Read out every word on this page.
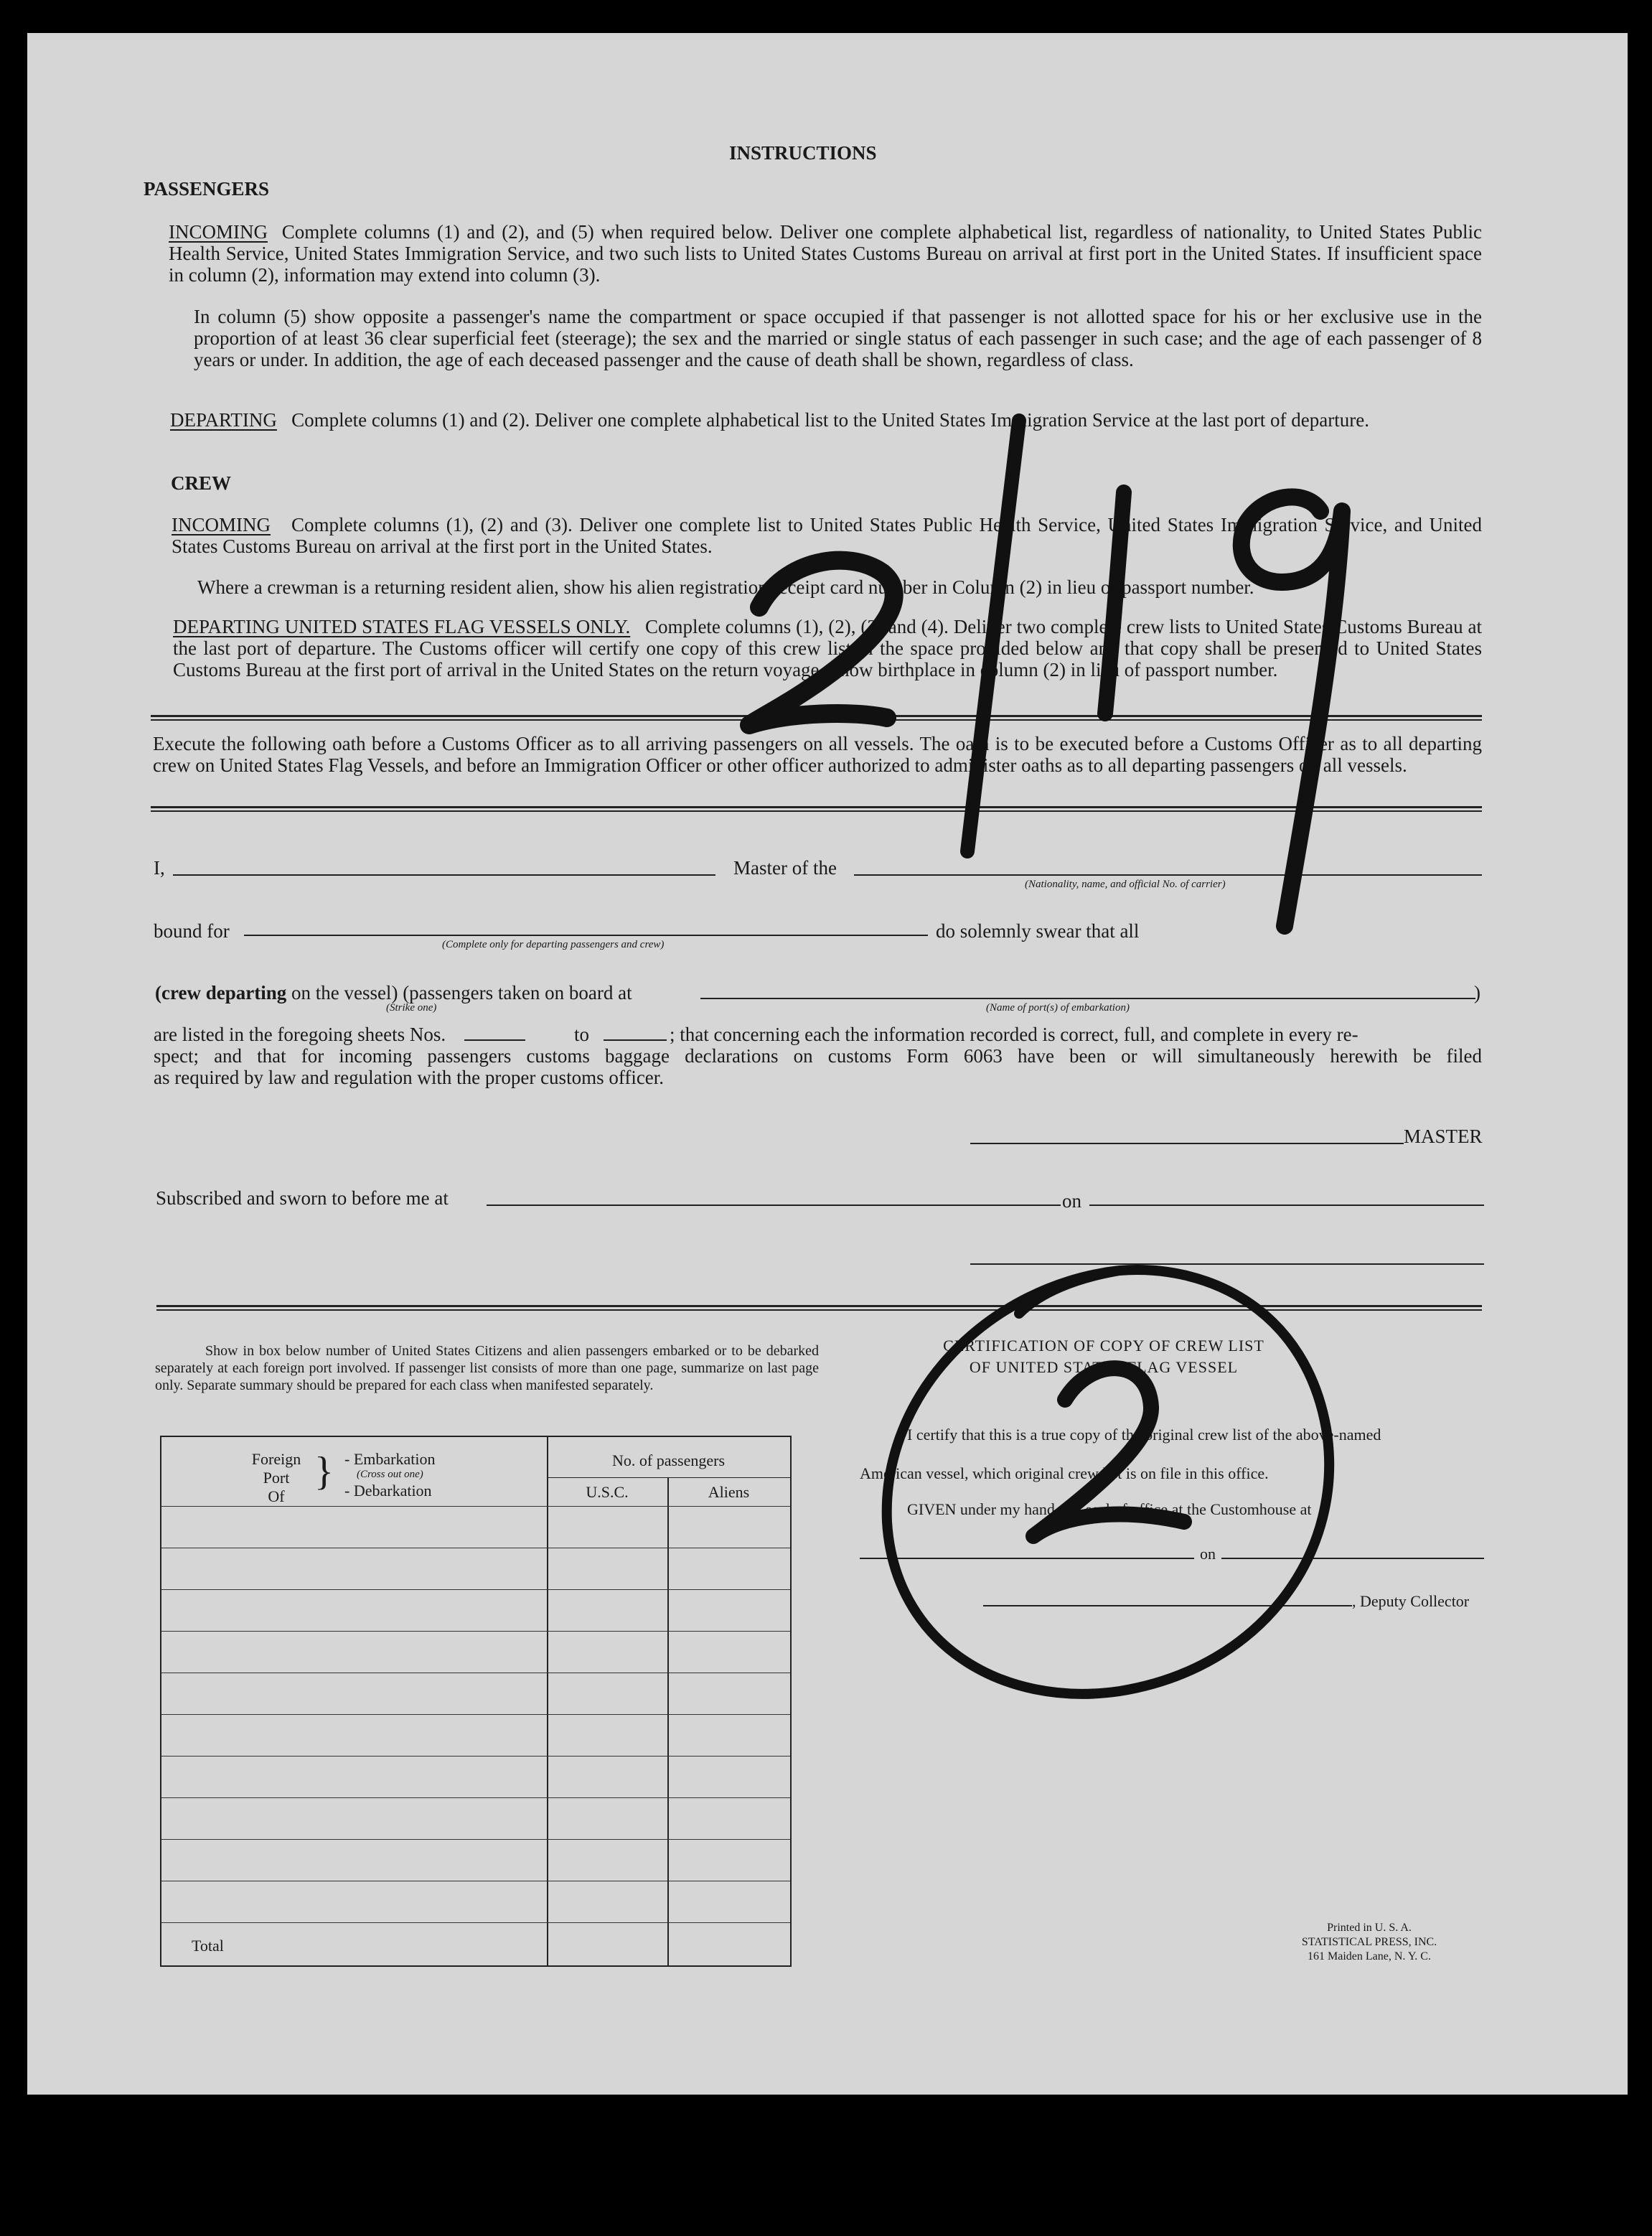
INSTRUCTIONS
PASSENGERS
INCOMING Complete columns (1) and (2), and (5) when required below. Deliver one complete alphabetical list, regardless of nationality, to United States Public Health Service, United States Immigration Service, and two such lists to United States Customs Bureau on arrival at first port in the United States. If insufficient space in column (2), information may extend into column (3).
In column (5) show opposite a passenger's name the compartment or space occupied if that passenger is not allotted space for his or her exclusive use in the proportion of at least 36 clear superficial feet (steerage); the sex and the married or single status of each passenger in such case; and the age of each passenger of 8 years or under. In addition, the age of each deceased passenger and the cause of death shall be shown, regardless of class.
DEPARTING Complete columns (1) and (2). Deliver one complete alphabetical list to the United States Immigration Service at the last port of departure.
CREW
INCOMING Complete columns (1), (2) and (3). Deliver one complete list to United States Public Health Service, United States Immigration Service, and United States Customs Bureau on arrival at the first port in the United States.
Where a crewman is a returning resident alien, show his alien registration receipt card number in Column (2) in lieu of passport number.
DEPARTING UNITED STATES FLAG VESSELS ONLY. Complete columns (1), (2), (3) and (4). Deliver two complete crew lists to United States Customs Bureau at the last port of departure. The Customs officer will certify one copy of this crew list in the space provided below and that copy shall be presented to United States Customs Bureau at the first port of arrival in the United States on the return voyage. Show birthplace in column (2) in lieu of passport number.
Execute the following oath before a Customs Officer as to all arriving passengers on all vessels. The oath is to be executed before a Customs Officer as to all departing crew on United States Flag Vessels, and before an Immigration Officer or other officer authorized to administer oaths as to all departing passengers on all vessels.
I,	Master of the
(Nationality, name, and official No. of carrier)
bound for
(Complete only for departing passengers and crew)
do solemnly swear that all
(crew departing on the vessel) (passengers taken on board at	)
(Strike one)	(Name of port(s) of embarkation)
are listed in the foregoing sheets Nos.	to	; that concerning each the information recorded is correct, full, and complete in every re-
spect; and that for incoming passengers customs baggage declarations on customs Form 6063 have been or will simultaneously herewith be filed
as required by law and regulation with the proper customs officer.
MASTER
Subscribed and sworn to before me at	on
Show in box below number of United States Citizens and alien passengers embarked or to be debarked separately at each foreign port involved. If passenger list consists of more than one page, summarize on last page only. Separate summary should be prepared for each class when manifested separately.
Foreign
Port
Of
} - Embarkation
(Cross out one)
- Debarkation
No. of passengers
U.S.C.	Aliens
Total
CERTIFICATION OF COPY OF CREW LIST
OF UNITED STATES FLAG VESSEL
I certify that this is a true copy of the original crew list of the above-named
American vessel, which original crew list is on file in this office.
GIVEN under my hand and seal of office at the Customhouse at
on
, Deputy Collector
Printed in U. S. A.
STATISTICAL PRESS, INC.
161 Maiden Lane, N. Y. C.
